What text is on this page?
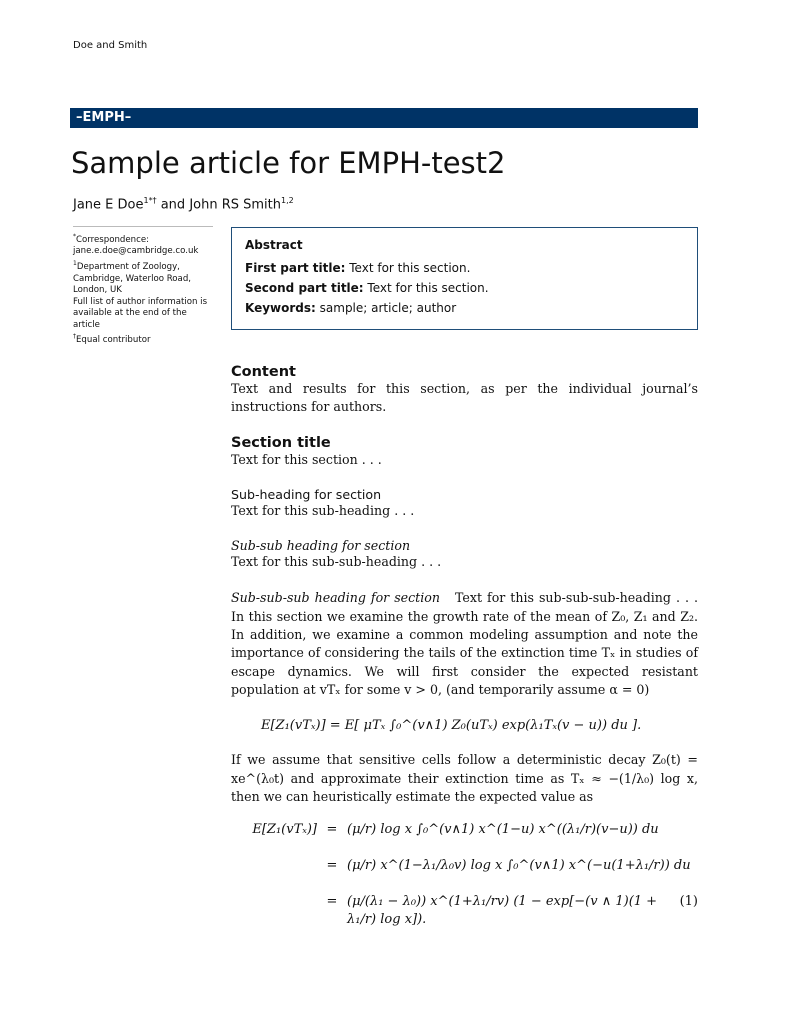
Doe and Smith
–EMPH–
Sample article for EMPH-test2
Jane E Doe$^{1*\dagger}$ and John RS Smith$^{1,2}$
*Correspondence:
jane.e.doe@cambridge.co.uk
$^1$Department of Zoology, Cambridge, Waterloo Road, London, UK
Full list of author information is available at the end of the article
†Equal contributor
Abstract

First part title: Text for this section.

Second part title: Text for this section.

Keywords: sample; article; author

Content

Text and results for this section, as per the individual journal’s instructions for authors.

Section title

Text for this section . . .

Sub-heading for section

Text for this sub-heading . . .

Sub-sub heading for section

Text for this sub-sub-heading . . .

Sub-sub-sub heading for section Text for this sub-sub-sub-heading . . . In this section we examine the growth rate of the mean of Z₀, Z₁ and Z₂. In addition, we examine a common modeling assumption and note the importance of considering the tails of the extinction time Tₓ in studies of escape dynamics. We will first consider the expected resistant population at vTₓ for some v > 0, (and temporarily assume α = 0)

E[Z₁(vTₓ)] = E[ μTₓ ∫₀^(v∧1) Z₀(uTₓ) exp(λ₁Tₓ(v − u)) du ].

If we assume that sensitive cells follow a deterministic decay Z₀(t) = xe^(λ₀t) and approximate their extinction time as Tₓ ≈ −(1/λ₀) log x, then we can heuristically estimate the expected value as

E[Z₁(vTₓ)] = (μ/r) log x ∫₀^(v∧1) x^(1−u) x^((λ₁/r)(v−u)) du
= (μ/r) x^(1−λ₁/λ₀v) log x ∫₀^(v∧1) x^(−u(1+λ₁/r)) du
= (μ/(λ₁ − λ₀)) x^(1+λ₁/rv) (1 − exp[−(v ∧ 1)(1 + λ₁/r) log x]).
(1)
